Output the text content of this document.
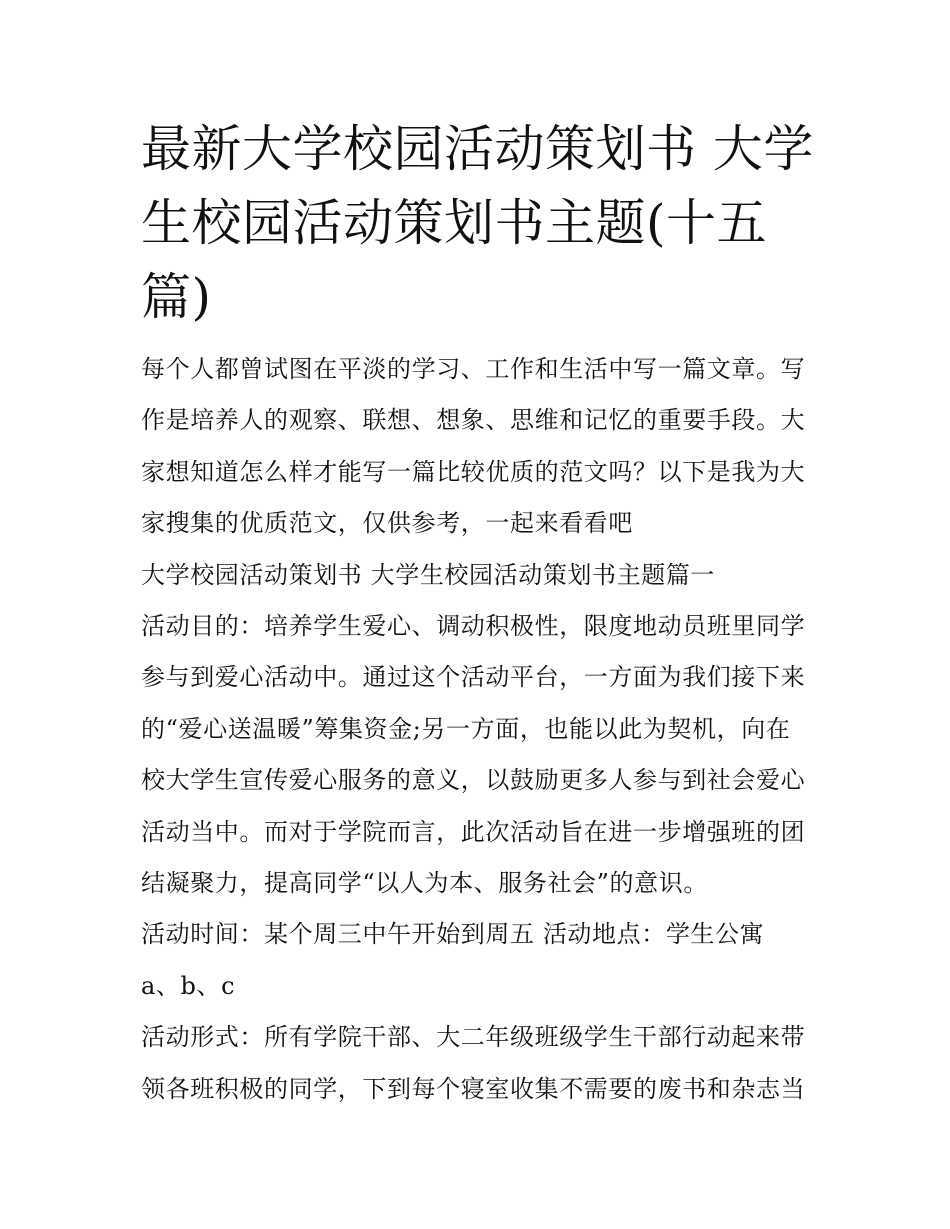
最新大学校园活动策划书 大学
生校园活动策划书主题(十五
篇)
每个人都曾试图在平淡的学习、工作和生活中写一篇文章。写
作是培养人的观察、联想、想象、思维和记忆的重要手段。大
家想知道怎么样才能写一篇比较优质的范文吗？以下是我为大
家搜集的优质范文，仅供参考，一起来看看吧
大学校园活动策划书 大学生校园活动策划书主题篇一
活动目的：培养学生爱心、调动积极性，限度地动员班里同学
参与到爱心活动中。通过这个活动平台，一方面为我们接下来
的“爱心送温暖”筹集资金;另一方面，也能以此为契机，向在
校大学生宣传爱心服务的意义，以鼓励更多人参与到社会爱心
活动当中。而对于学院而言，此次活动旨在进一步增强班的团
结凝聚力，提高同学“以人为本、服务社会”的意识。
活动时间：某个周三中午开始到周五 活动地点：学生公寓
a、b、c
活动形式：所有学院干部、大二年级班级学生干部行动起来带
领各班积极的同学，下到每个寝室收集不需要的废书和杂志当
